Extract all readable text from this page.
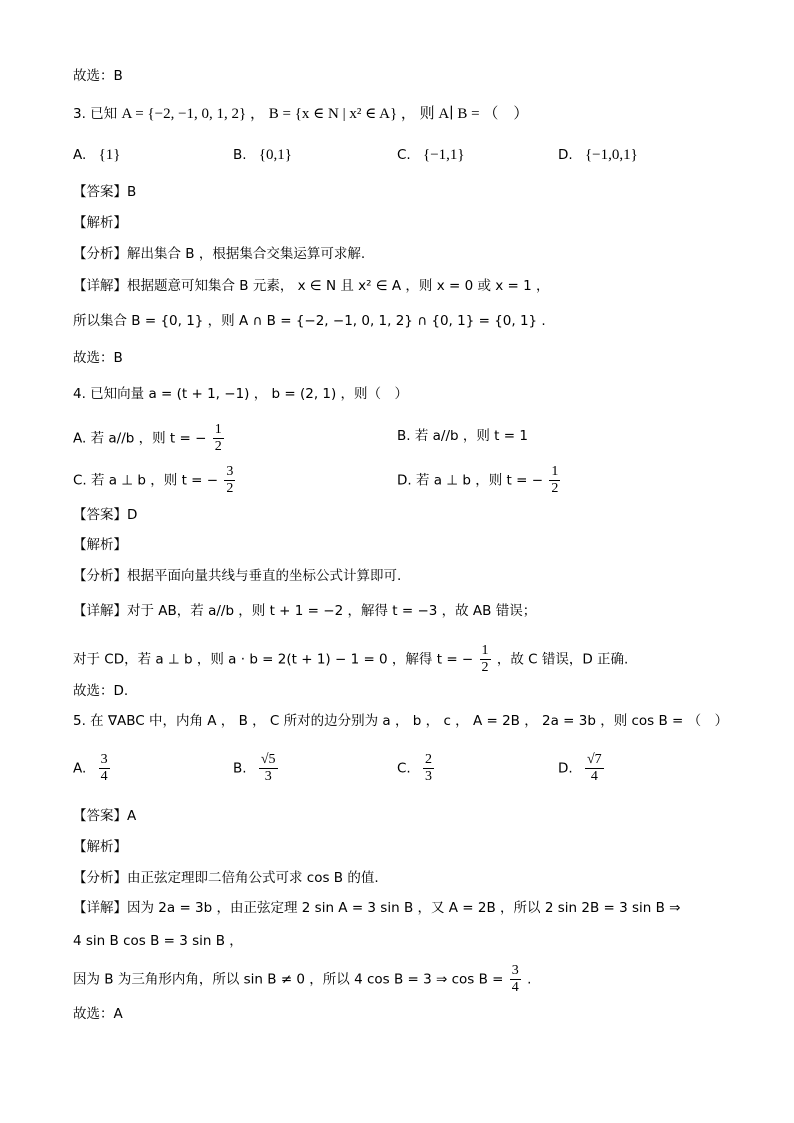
故选：B
3. 已知 A = {−2, −1, 0, 1, 2} ， B = {x ∈ N | x² ∈ A} ， 则 A∣ B = （　）
A. {1}	B. {0,1}	C. {−1,1}	D. {−1,0,1}
【答案】B
【解析】
【分析】解出集合 B ，根据集合交集运算可求解.
【详解】根据题意可知集合 B 元素， x ∈ N 且 x² ∈ A ，则 x = 0 或 x = 1 ，
所以集合 B = {0, 1} ，则 A ∩ B = {−2, −1, 0, 1, 2} ∩ {0, 1} = {0, 1} .
故选：B
4. 已知向量 a = (t + 1, −1) ， b = (2, 1) ，则（　）
A. 若 a//b ，则 t = − $\frac{1}{2}$	B. 若 a//b ，则 t = 1
C. 若 a ⊥ b ，则 t = − $\frac{3}{2}$	D. 若 a ⊥ b ，则 t = − $\frac{1}{2}$
【答案】D
【解析】
【分析】根据平面向量共线与垂直的坐标公式计算即可.
【详解】对于 AB，若 a//b ，则 t + 1 = −2 ，解得 t = −3 ，故 AB 错误；
对于 CD，若 a ⊥ b ，则 a · b = 2(t + 1) − 1 = 0 ，解得 t = − $\frac{1}{2}$ ，故 C 错误，D 正确.
故选：D.
5. 在 ∇ABC 中，内角 A ， B ， C 所对的边分别为 a ， b ， c ， A = 2B ， 2a = 3b ，则 cos B = （　）
A. $\frac{3}{4}$	B. $\frac{√5}{3}$	C. $\frac{2}{3}$	D. $\frac{√7}{4}$
【答案】A
【解析】
【分析】由正弦定理即二倍角公式可求 cos B 的值.
【详解】因为 2a = 3b ，由正弦定理 2 sin A = 3 sin B ，又 A = 2B ，所以 2 sin 2B = 3 sin B ⇒
4 sin B cos B = 3 sin B ，
因为 B 为三角形内角，所以 sin B ≠ 0 ，所以 4 cos B = 3 ⇒ $\cos B = \frac{3}{4}$ .
故选：A
